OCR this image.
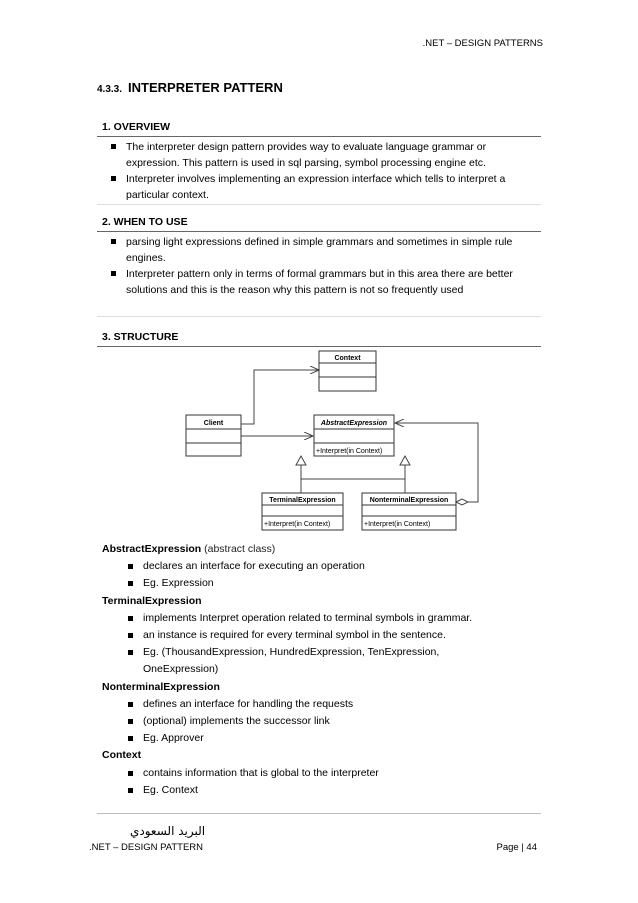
.NET – DESIGN PATTERNS
4.3.3. INTERPRETER PATTERN
1. OVERVIEW
The interpreter design pattern provides way to evaluate language grammar or expression. This pattern is used in sql parsing, symbol processing engine etc.
Interpreter involves implementing an expression interface which tells to interpret a particular context.
2. WHEN TO USE
parsing light expressions defined in simple grammars and sometimes in simple rule engines.
Interpreter pattern only in terms of formal grammars but in this area there are better solutions and this is the reason why this pattern is not so frequently used
3. STRUCTURE
Context
Client	AbstractExpression
+Interpret(in Context)
TerminalExpression
+Interpret(in Context)
NonterminalExpression
+Interpret(in Context)
AbstractExpression (abstract class)
declares an interface for executing an operation
Eg. Expression
TerminalExpression
implements Interpret operation related to terminal symbols in grammar.
an instance is required for every terminal symbol in the sentence.
Eg. (ThousandExpression, HundredExpression, TenExpression, OneExpression)
NonterminalExpression
defines an interface for handling the requests
(optional) implements the successor link
Eg. Approver
Context
contains information that is global to the interpreter
Eg. Context
البريد السعودي
.NET – DESIGN PATTERN	Page | 44
